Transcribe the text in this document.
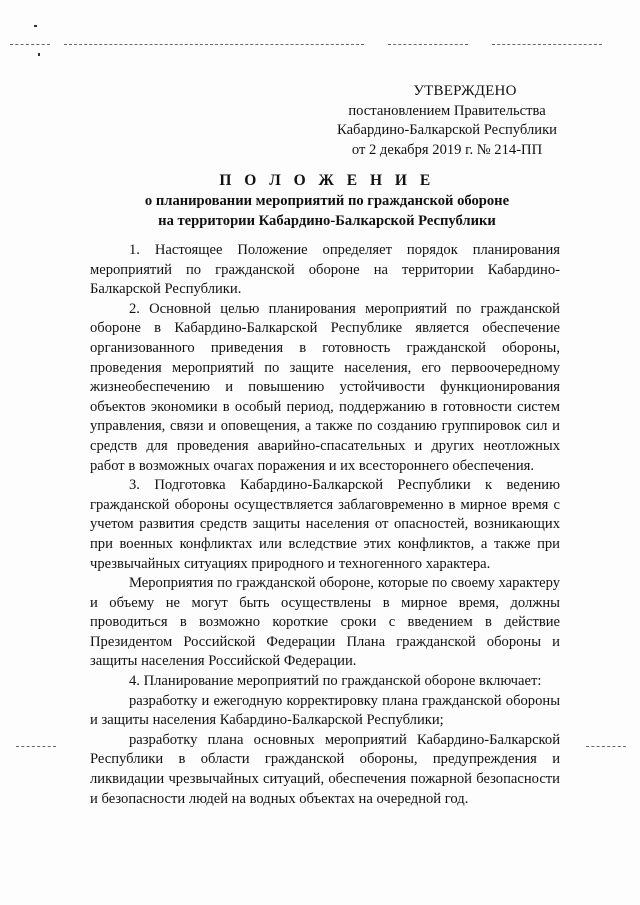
УТВЕРЖДЕНО
постановлением Правительства
Кабардино-Балкарской Республики
от 2 декабря 2019 г. № 214-ПП
П О Л О Ж Е Н И Е
о планировании мероприятий по гражданской обороне
на территории Кабардино-Балкарской Республики

1. Настоящее Положение определяет порядок планирования мероприятий по гражданской обороне на территории Кабардино-Балкарской Республики.

2. Основной целью планирования мероприятий по гражданской обороне в Кабардино-Балкарской Республике является обеспечение организованного приведения в готовность гражданской обороны, проведения мероприятий по защите населения, его первоочередному жизнеобеспечению и повышению устойчивости функционирования объектов экономики в особый период, поддержанию в готовности систем управления, связи и оповещения, а также по созданию группировок сил и средств для проведения аварийно-спасательных и других неотложных работ в возможных очагах поражения и их всестороннего обеспечения.

3. Подготовка Кабардино-Балкарской Республики к ведению гражданской обороны осуществляется заблаговременно в мирное время с учетом развития средств защиты населения от опасностей, возникающих при военных конфликтах или вследствие этих конфликтов, а также при чрезвычайных ситуациях природного и техногенного характера.

Мероприятия по гражданской обороне, которые по своему характеру и объему не могут быть осуществлены в мирное время, должны проводиться в возможно короткие сроки с введением в действие Президентом Российской Федерации Плана гражданской обороны и защиты населения Российской Федерации.

4. Планирование мероприятий по гражданской обороне включает:

разработку и ежегодную корректировку плана гражданской обороны и защиты населения Кабардино-Балкарской Республики;

разработку плана основных мероприятий Кабардино-Балкарской Республики в области гражданской обороны, предупреждения и ликвидации чрезвычайных ситуаций, обеспечения пожарной безопасности и безопасности людей на водных объектах на очередной год.
